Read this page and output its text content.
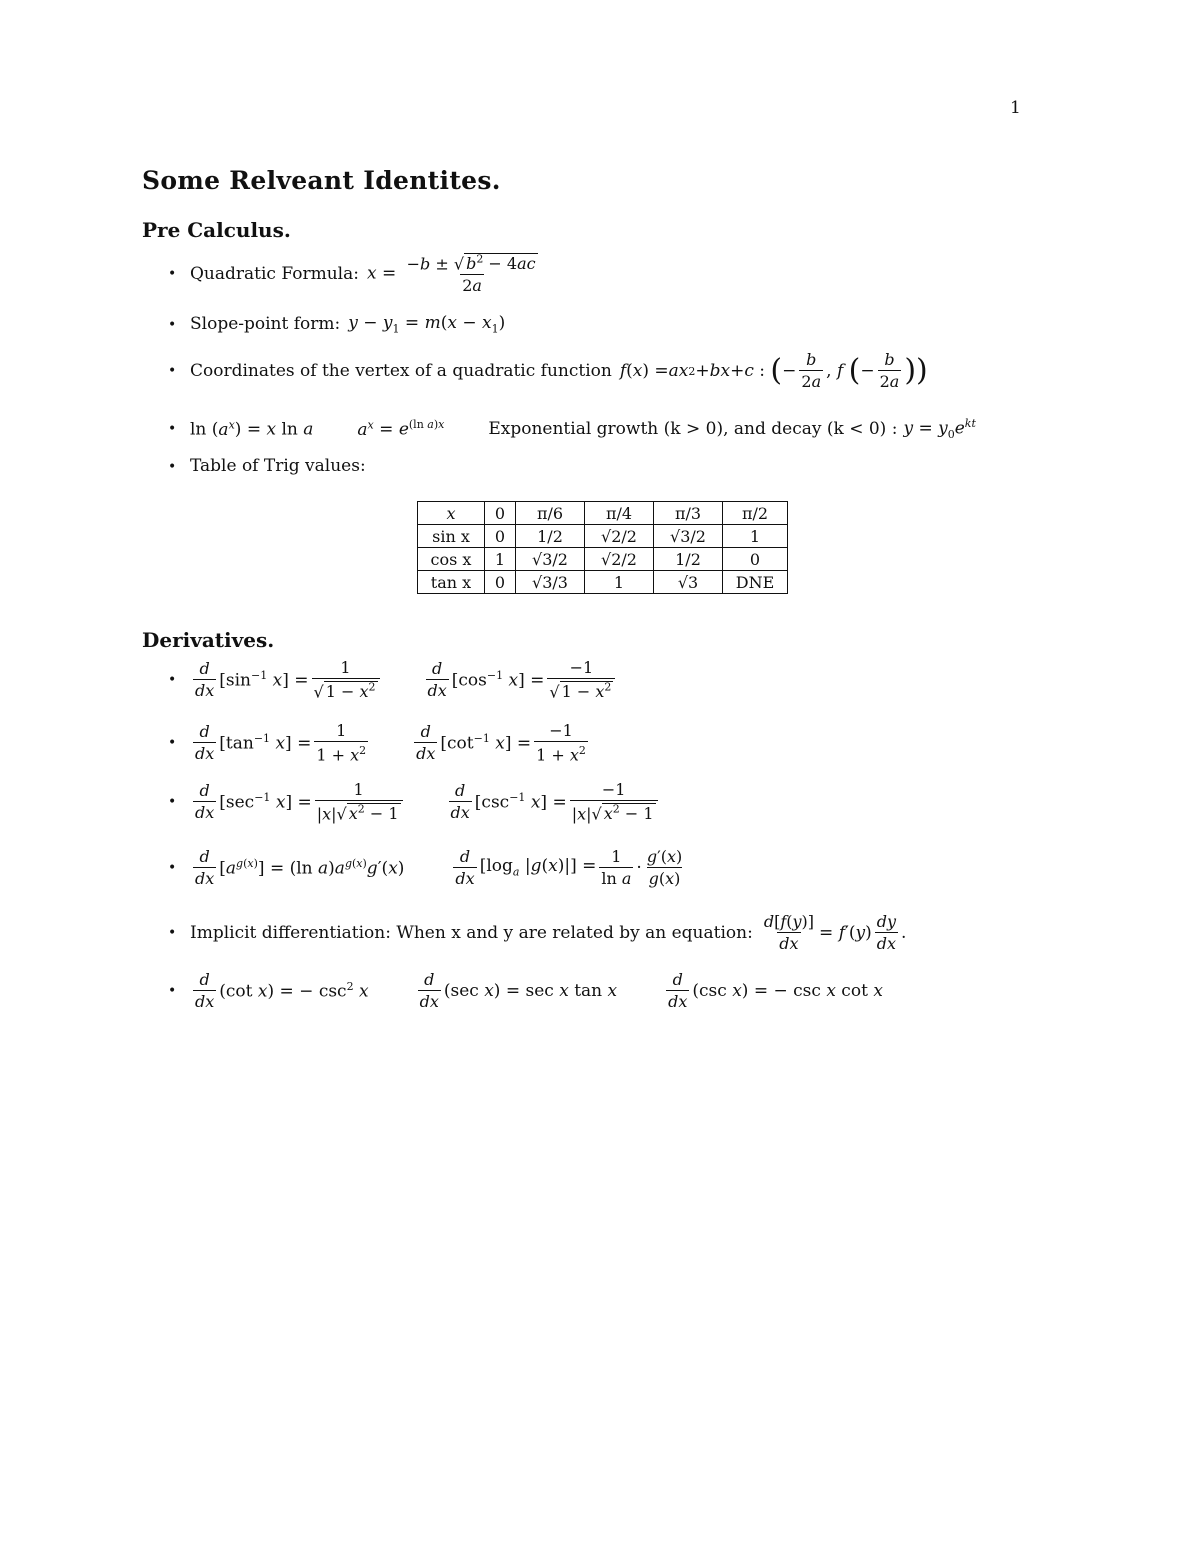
1
Some Relveant Identites.
Pre Calculus.
• Quadratic Formula: $x = \frac{-b \pm √ b^2 - 4ac}{2a}$
• Slope-point form: $y - y_1 = m(x - x_1)$
• Coordinates of the vertex of a quadratic function f ( x ) = ax 2 + bx + c : ( − $\frac{b}{2a}$ , f
( − $\frac{b}{2a}$ ))
• $\ln (a^x) = x$ ln a	$a^x = e^{(ln a)x}$	Exponential growth (k > 0), and decay (k < 0) : $y = y_0e^{kt}$
• Table of Trig values:
x	0	π/6	π/4	π/3	π/2
sin x	0	1/2	√2/2	√3/2	1
cos x	1	√3/2	√2/2	1/2	0
tan x	0	√3/3	1	√3	DNE
Derivatives.
•	$\frac{d}{dx} [\sin^{-1}$ $x] = \frac{1}{√ 1 - x^2}$	$\frac{d}{dx} [\cos^{-1}$ $x] = \frac{-1}{√ 1 - x^2}$
•	$\frac{d}{dx} [\tan^{-1}$ $x] = \frac{1}{1 + x^2}$	$\frac{d}{dx} [\cot^{-1}$ $x] = \frac{-1}{1 + x^2}$
•	$\frac{d}{dx} [\sec^{-1}$ $x] = \frac{1}{|x|√ x^2 - 1}$	$\frac{d}{dx} [\csc^{-1}$ $x] = \frac{-1}{|x|√ x^2 - 1}$
•	$\frac{d}{dx} [a^{g(x)}] = (\ln$ $a)a^{g(x)}g'(x)$	$\frac{d}{dx} [\log_a$ $|g(x)|] = \frac{1}{\text{ln a}} \cdot \frac{g'(x)}{g(x)}$
• Implicit differentiation: When x and y are related by an equation: $\frac{d[f(y)]}{dx} = f'(y) \frac{dy}{dx}$ .
•	$\frac{d}{dx} (\cot$ x) = − $\csc^2 x$	$\frac{d}{dx} (\sec$ x) = sec x tan x	$\frac{d}{dx} (\csc$ x) = − csc x cot x
